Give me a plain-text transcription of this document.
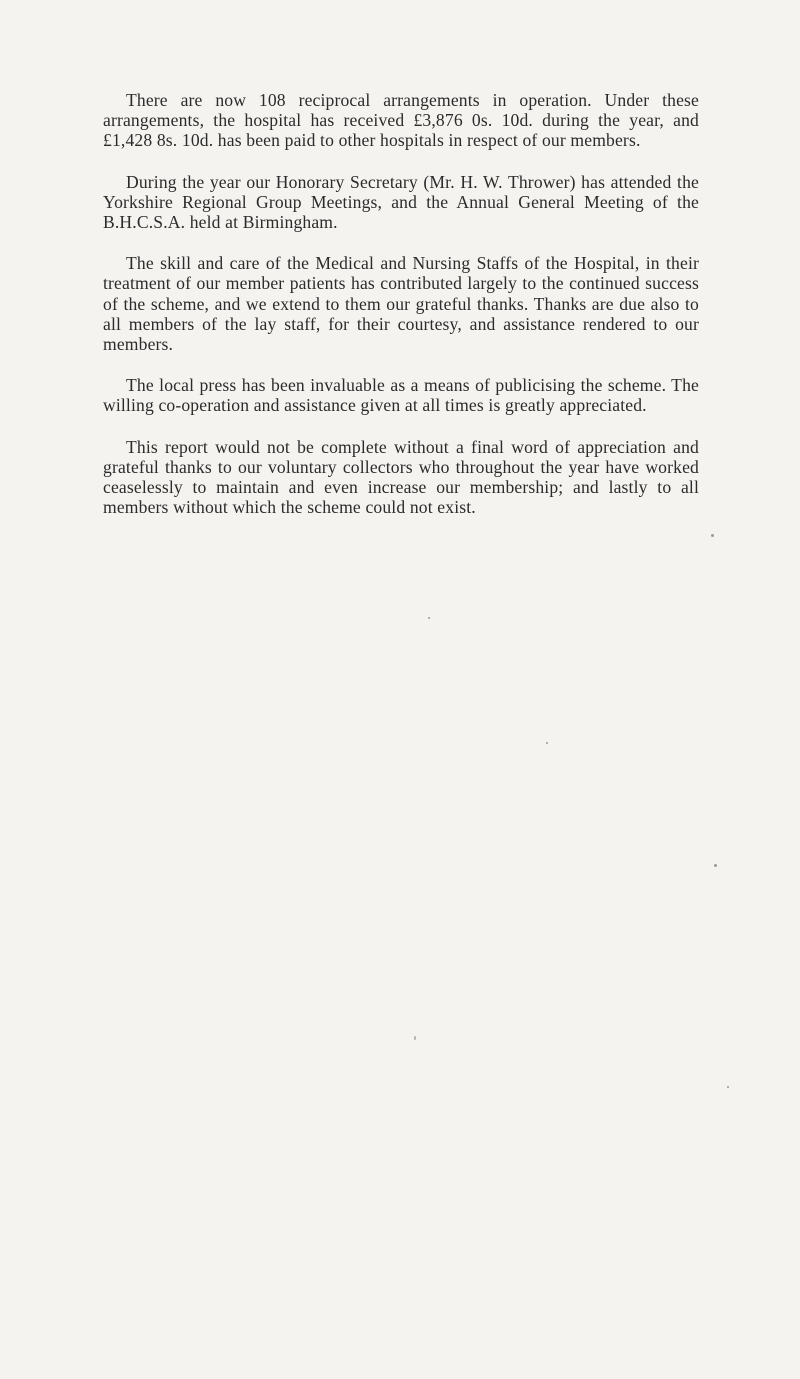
There are now 108 reciprocal arrangements in operation. Under these arrangements, the hospital has received £3,876 0s. 10d. during the year, and £1,428 8s. 10d. has been paid to other hospitals in respect of our members.

During the year our Honorary Secretary (Mr. H. W. Thrower) has attended the Yorkshire Regional Group Meetings, and the Annual General Meeting of the B.H.C.S.A. held at Birmingham.

The skill and care of the Medical and Nursing Staffs of the Hospital, in their treatment of our member patients has contributed largely to the continued success of the scheme, and we extend to them our grateful thanks. Thanks are due also to all members of the lay staff, for their courtesy, and assistance rendered to our members.

The local press has been invaluable as a means of publicising the scheme. The willing co-operation and assistance given at all times is greatly appreciated.

This report would not be complete without a final word of appreciation and grateful thanks to our voluntary collectors who throughout the year have worked ceaselessly to maintain and even increase our membership; and lastly to all members without which the scheme could not exist.
